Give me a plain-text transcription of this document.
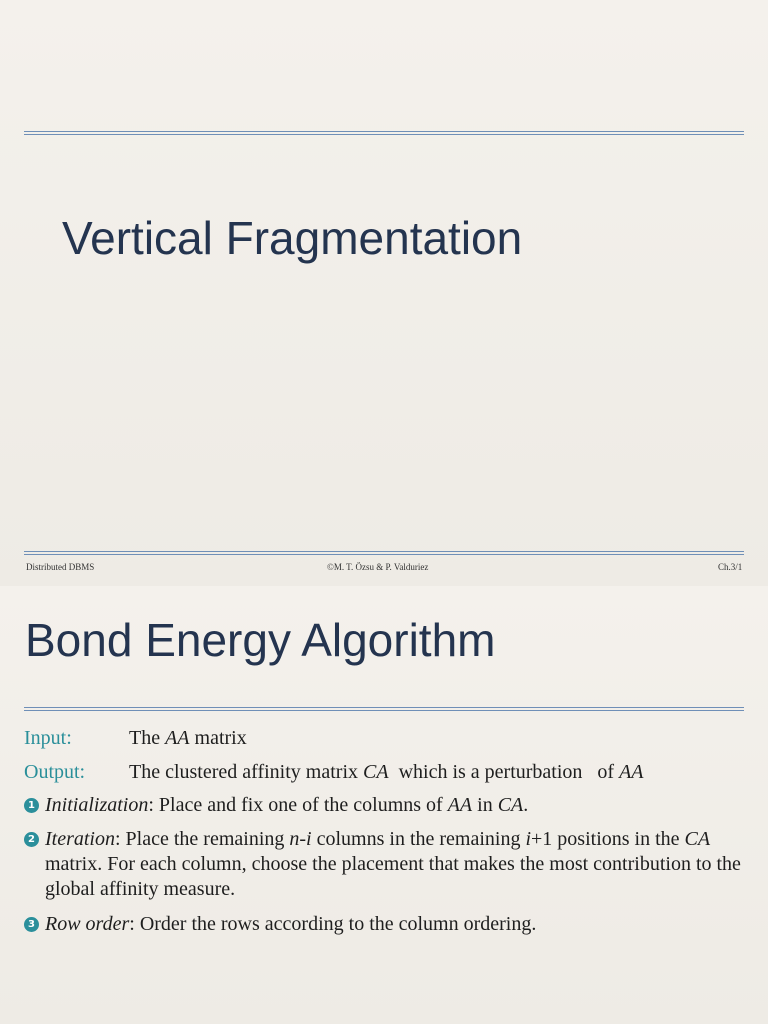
Vertical Fragmentation
Distributed DBMS	©M. T. Özsu & P. Valduriez	Ch.3/1
Bond Energy Algorithm
Input:	The AA matrix
Output: The clustered affinity matrix CA  which is a perturbation   of AA
1 Initialization: Place and fix one of the columns of AA in CA.
2 Iteration: Place the remaining n-i columns in the remaining i+1 positions in the CA matrix. For each column, choose the placement that makes the most contribution to the global affinity measure.
3 Row order: Order the rows according to the column ordering.
